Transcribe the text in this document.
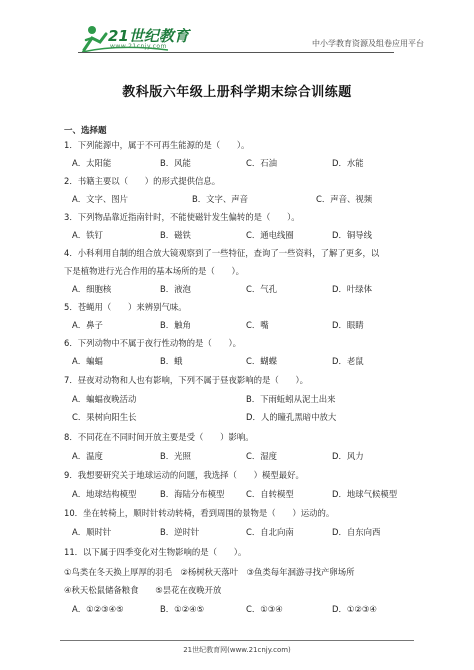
21世纪教育
www.21cnjy.com	中小学教育资源及组卷应用平台
教科版六年级上册科学期末综合训练题
一、选择题
1．下列能源中，属于不可再生能源的是（　　）。
A．太阳能	B．风能	C．石油	D．水能
2．书籍主要以（　　）的形式提供信息。
A．文字、图片	B．文字、声音	C．声音、视频
3．下列物品靠近指南针时，不能使磁针发生偏转的是（　　）。
A．铁钉	B．磁铁	C．通电线圈	D．铜导线
4．小科利用自制的组合放大镜观察到了一些特征，查询了一些资料，了解了更多，以
下是植物进行光合作用的基本场所的是（　　）。
A．细胞核	B．液泡	C．气孔	D．叶绿体
5．苍蝇用（　　）来辨别气味。
A．鼻子	B．触角	C．嘴	D．眼睛
6．下列动物中不属于夜行性动物的是（　　）。
A．蝙蝠	B．蛾	C．蝴蝶	D．老鼠
7．昼夜对动物和人也有影响，下列不属于昼夜影响的是（　　）。
A．蝙蝠夜晚活动	B．下雨蚯蚓从泥土出来
C．果树向阳生长	D．人的瞳孔黑暗中放大
8．不同花在不同时间开放主要是受（　　）影响。
A．温度	B．光照	C．湿度	D．风力
9．我想要研究关于地球运动的问题，我选择（　　）模型最好。
A．地球结构模型	B．海陆分布模型	C．自转模型	D．地球气候模型
10．坐在转椅上，顺时针转动转椅，看到周围的景物是（　　）运动的。
A．顺时针	B．逆时针	C．自北向南	D．自东向西
11．以下属于四季变化对生物影响的是（　　）。
①鸟类在冬天换上厚厚的羽毛　②杨树秋天落叶　③鱼类每年洄游寻找产卵场所
④秋天松鼠储备粮食　　⑤昙花在夜晚开放
A．①②③④⑤	B．①②④⑤	C．①③④	D．①②③④
21世纪教育网(www.21cnjy.com)
